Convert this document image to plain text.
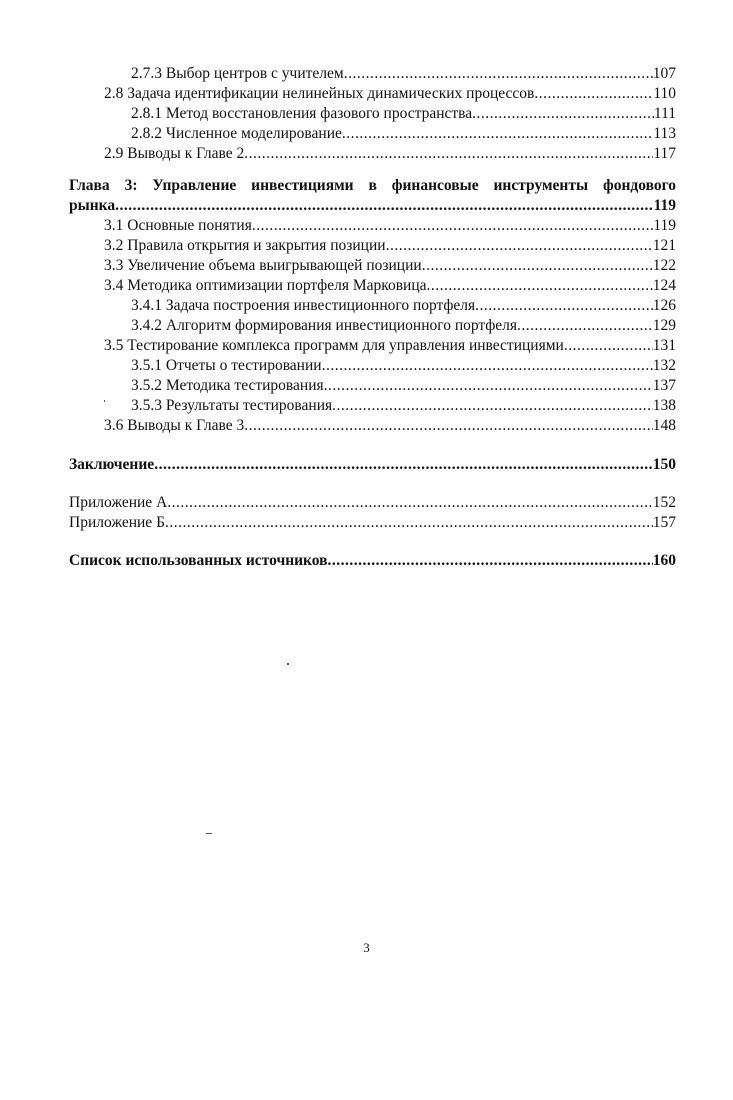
2.7.3 Выбор центров с учителем .....	107
2.8 Задача идентификации нелинейных динамических процессов .....	110
2.8.1 Метод восстановления фазового пространства .....	111
2.8.2 Численное моделирование .....	113
2.9 Выводы к Главе 2 .....	117
Глава 3: Управление инвестициями в финансовые инструменты фондового
рынка .....	119
3.1 Основные понятия .....	119
3.2 Правила открытия и закрытия позиции .....	121
3.3 Увеличение объема выигрывающей позиции .....	122
3.4 Методика оптимизации портфеля Марковица .....	124
3.4.1 Задача построения инвестиционного портфеля .....	126
3.4.2 Алгоритм формирования инвестиционного портфеля .....	129
3.5 Тестирование комплекса программ для управления инвестициями .....	131
3.5.1 Отчеты о тестировании .....	132
3.5.2 Методика тестирования .....	137
3.5.3 Результаты тестирования .....	138
3.6 Выводы к Главе 3 .....	148
Заключение .....	150
Приложение А .....	152
Приложение Б .....	157
Список использованных источников .....	160
3
